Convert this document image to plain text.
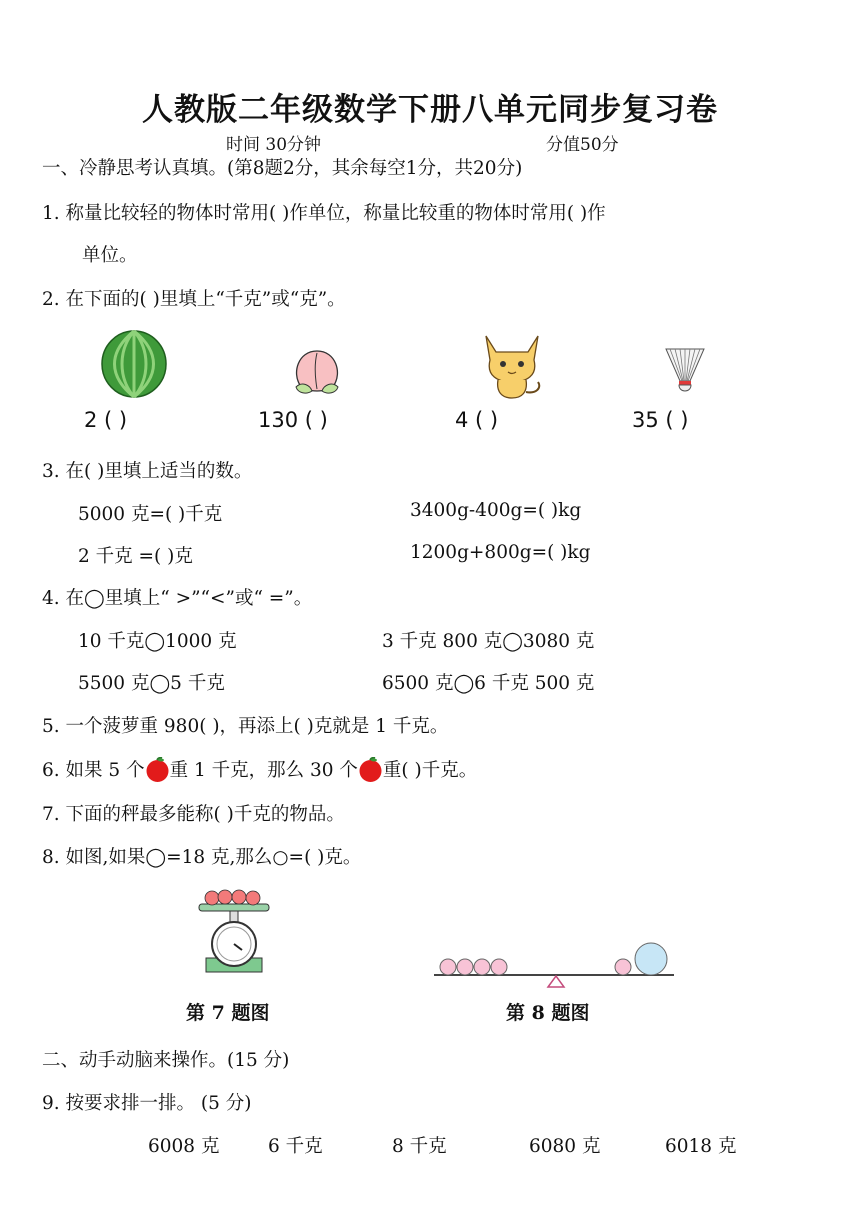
人教版二年级数学下册八单元同步复习卷
时间 30分钟	分值50分
一、冷静思考认真填。(第8题2分，其余每空1分，共20分)
1. 称量比较轻的物体时常用( )作单位，称量比较重的物体时常用( )作
单位。
2. 在下面的( )里填上“千克”或“克”。
2 ( )	130 ( )	4 ( )	35 ( )
3. 在( )里填上适当的数。
5000 克=( )千克	3400g-400g=( )kg
2 千克 =( )克	1200g+800g=( )kg
4. 在◯里填上“ >”“<”或“ =”。
10 千克◯1000 克	3 千克 800 克◯3080 克
5500 克◯5 千克	6500 克◯6 千克 500 克
5. 一个菠萝重 980( )，再添上( )克就是 1 千克。
6. 如果 5 个 重 1 千克，那么 30 个 重( )千克。
7. 下面的秤最多能称( )千克的物品。
8. 如图,如果◯=18 克,那么○=( )克。
第 7 题图	第 8 题图
二、动手动脑来操作。(15 分)
9. 按要求排一排。 (5 分)
6008 克	6 千克	8 千克	6080 克	6018 克
